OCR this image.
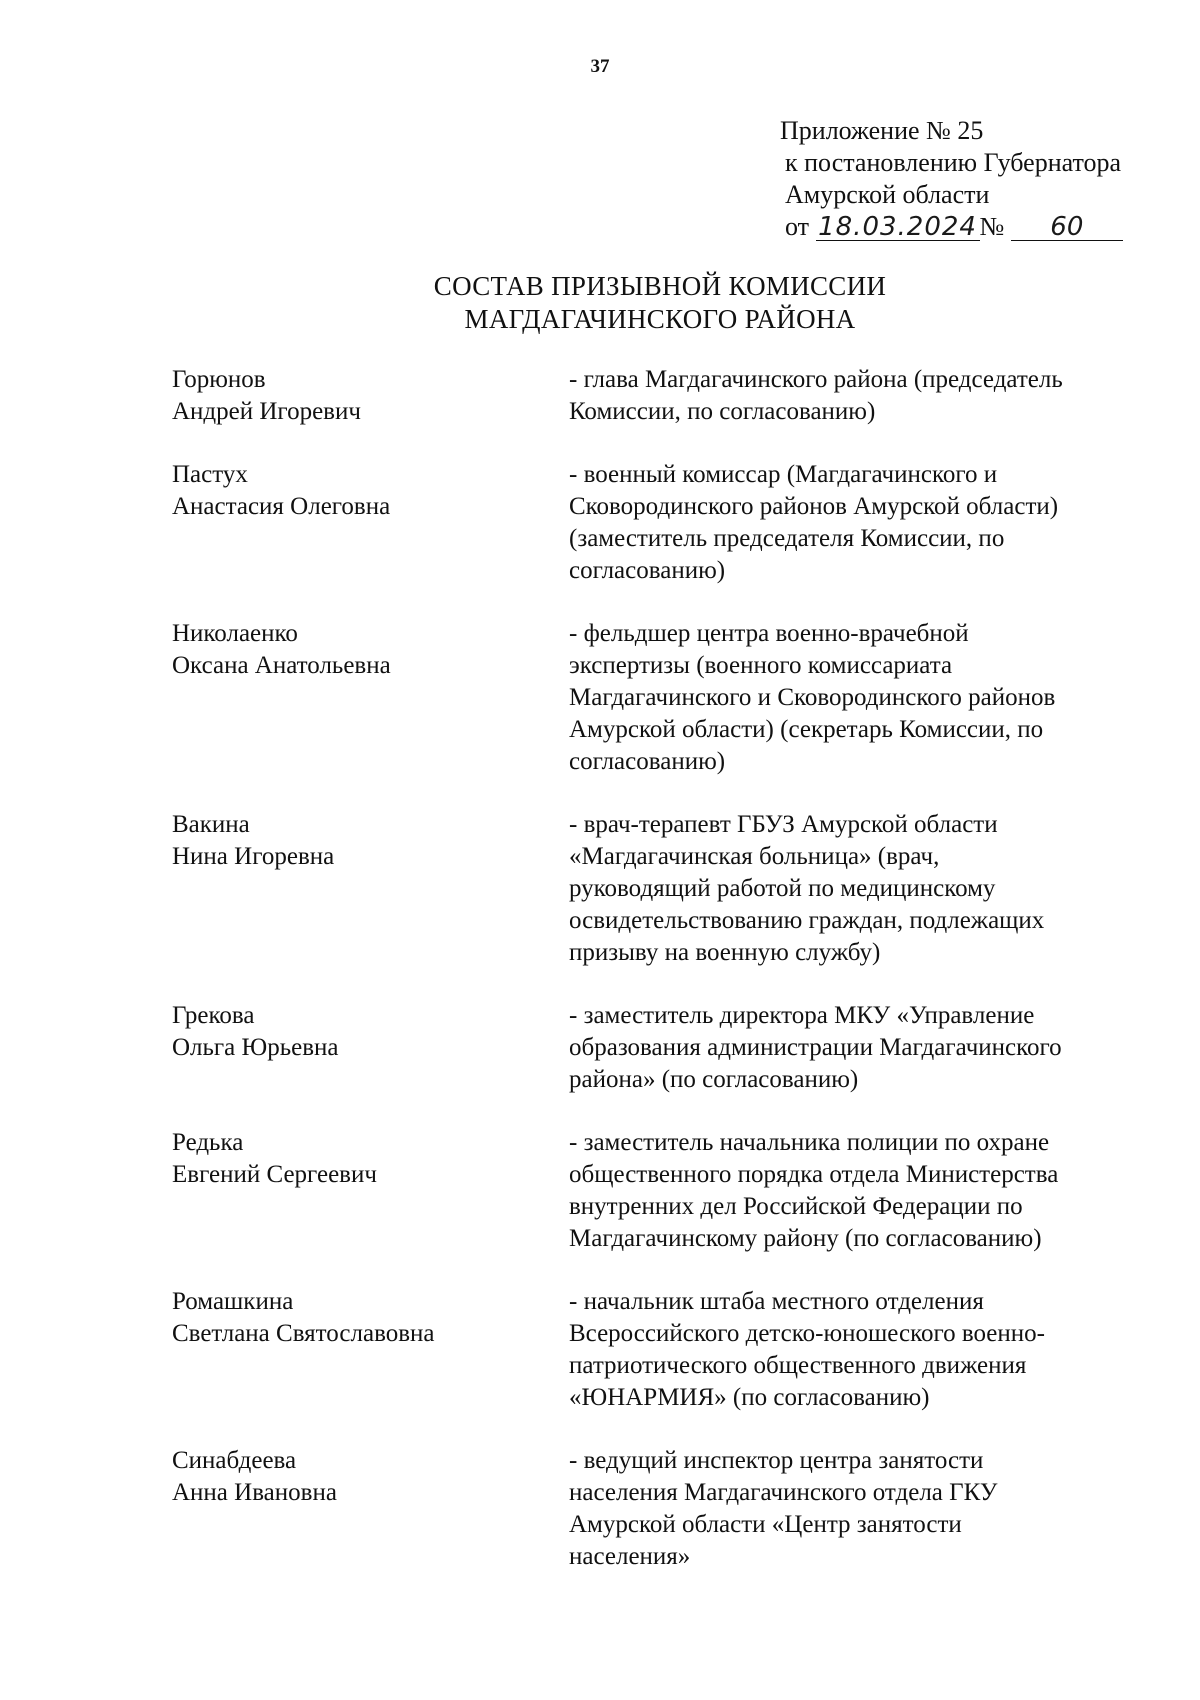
37
Приложение № 25
к постановлению Губернатора
Амурской области
от 18.03.2024№ 60
СОСТАВ ПРИЗЫВНОЙ КОМИССИИ
МАГДАГАЧИНСКОГО РАЙОНА
Горюнов
Андрей Игоревич
- глава Магдагачинского района (председатель
Комиссии, по согласованию)
Пастух
Анастасия Олеговна
- военный комиссар (Магдагачинского и
Сковородинского районов Амурской области)
(заместитель председателя Комиссии, по
согласованию)
Николаенко
Оксана Анатольевна
- фельдшер центра военно-врачебной
экспертизы (военного комиссариата
Магдагачинского и Сковородинского районов
Амурской области) (секретарь Комиссии, по
согласованию)
Вакина
Нина Игоревна
- врач-терапевт ГБУЗ Амурской области
«Магдагачинская больница» (врач,
руководящий работой по медицинскому
освидетельствованию граждан, подлежащих
призыву на военную службу)
Грекова
Ольга Юрьевна
- заместитель директора МКУ «Управление
образования администрации Магдагачинского
района» (по согласованию)
Редька
Евгений Сергеевич
- заместитель начальника полиции по охране
общественного порядка отдела Министерства
внутренних дел Российской Федерации по
Магдагачинскому району (по согласованию)
Ромашкина
Светлана Святославовна
- начальник штаба местного отделения
Всероссийского детско-юношеского военно-
патриотического общественного движения
«ЮНАРМИЯ» (по согласованию)
Синабдеева
Анна Ивановна
- ведущий инспектор центра занятости
населения Магдагачинского отдела ГКУ
Амурской области «Центр занятости
населения»
